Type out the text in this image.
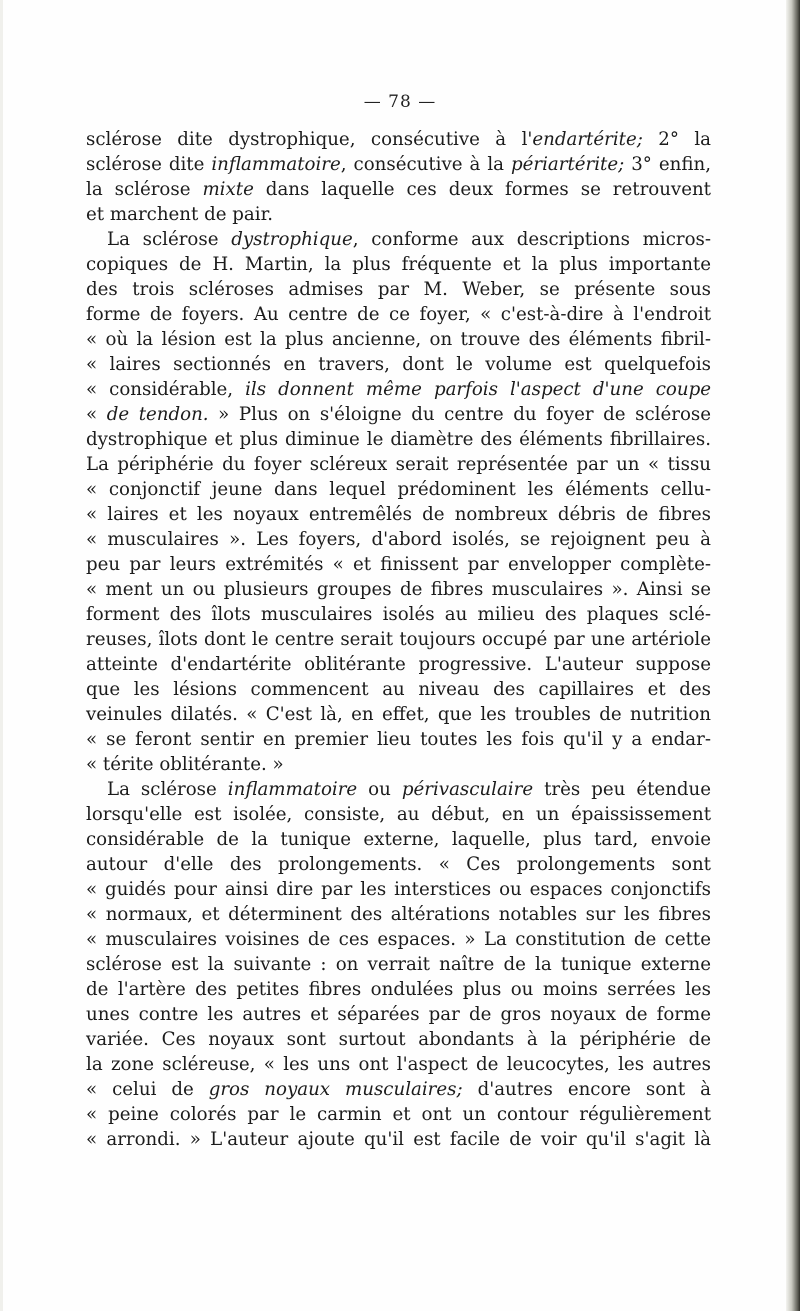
— 78 —
sclérose dite dystrophique, consécutive à l'endartérite; 2° la
sclérose dite inflammatoire, consécutive à la périartérite; 3° enfin,
la sclérose mixte dans laquelle ces deux formes se retrouvent
et marchent de pair.
La sclérose dystrophique, conforme aux descriptions micros-
copiques de H. Martin, la plus fréquente et la plus importante
des trois scléroses admises par M. Weber, se présente sous
forme de foyers. Au centre de ce foyer, « c'est-à-dire à l'endroit
« où la lésion est la plus ancienne, on trouve des éléments fibril-
« laires sectionnés en travers, dont le volume est quelquefois
« considérable, ils donnent même parfois l'aspect d'une coupe
« de tendon. » Plus on s'éloigne du centre du foyer de sclérose
dystrophique et plus diminue le diamètre des éléments fibrillaires.
La périphérie du foyer scléreux serait représentée par un « tissu
« conjonctif jeune dans lequel prédominent les éléments cellu-
« laires et les noyaux entremêlés de nombreux débris de fibres
« musculaires ». Les foyers, d'abord isolés, se rejoignent peu à
peu par leurs extrémités « et finissent par envelopper complète-
« ment un ou plusieurs groupes de fibres musculaires ». Ainsi se
forment des îlots musculaires isolés au milieu des plaques sclé-
reuses, îlots dont le centre serait toujours occupé par une artériole
atteinte d'endartérite oblitérante progressive. L'auteur suppose
que les lésions commencent au niveau des capillaires et des
veinules dilatés. « C'est là, en effet, que les troubles de nutrition
« se feront sentir en premier lieu toutes les fois qu'il y a endar-
« térite oblitérante. »
La sclérose inflammatoire ou périvasculaire très peu étendue
lorsqu'elle est isolée, consiste, au début, en un épaississement
considérable de la tunique externe, laquelle, plus tard, envoie
autour d'elle des prolongements. « Ces prolongements sont
« guidés pour ainsi dire par les interstices ou espaces conjonctifs
« normaux, et déterminent des altérations notables sur les fibres
« musculaires voisines de ces espaces. » La constitution de cette
sclérose est la suivante : on verrait naître de la tunique externe
de l'artère des petites fibres ondulées plus ou moins serrées les
unes contre les autres et séparées par de gros noyaux de forme
variée. Ces noyaux sont surtout abondants à la périphérie de
la zone scléreuse, « les uns ont l'aspect de leucocytes, les autres
« celui de gros noyaux musculaires; d'autres encore sont à
« peine colorés par le carmin et ont un contour régulièrement
« arrondi. » L'auteur ajoute qu'il est facile de voir qu'il s'agit là
